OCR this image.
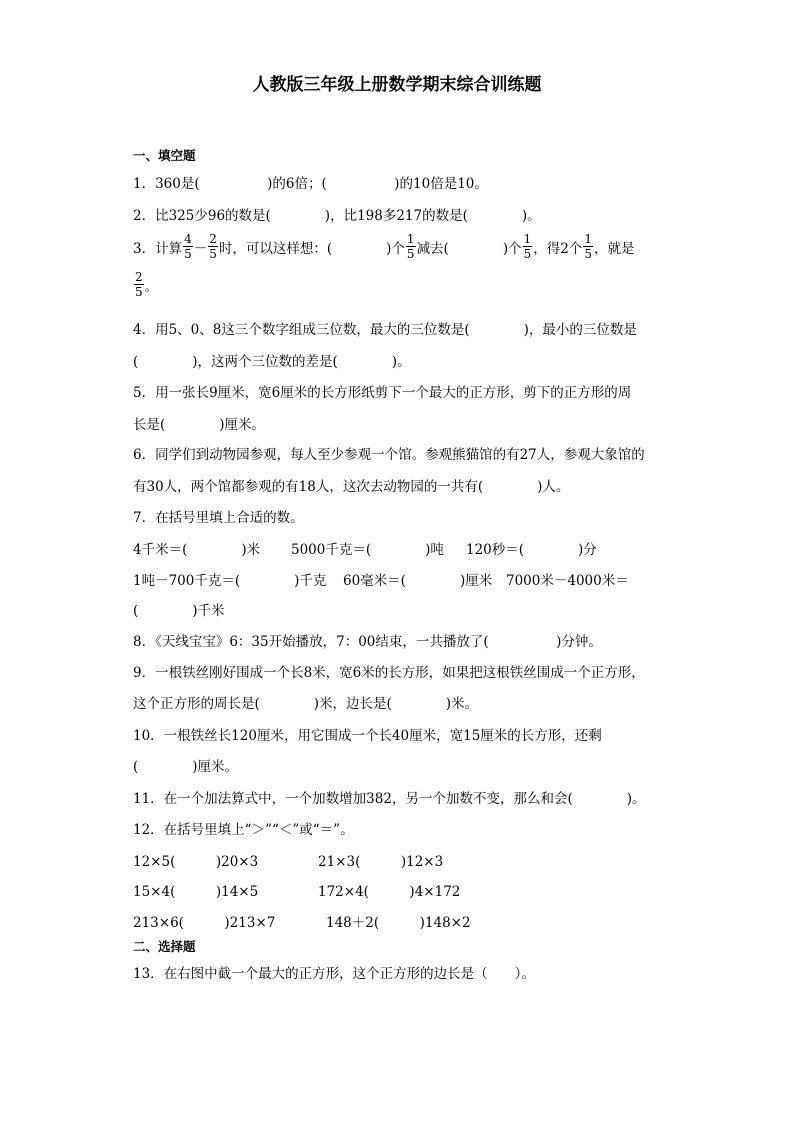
人教版三年级上册数学期末综合训练题
一、填空题
1．360是(　　　　　)的6倍；(　　　　　)的10倍是10。
2．比325少96的数是(　　　　)，比198多217的数是(　　　　)。
3．计算 $\frac{4}{5} - \frac{2}{5}$ 时，可以这样想：(　　　　)个 $\frac{1}{5}$ 减去(　　　　)个 $\frac{1}{5}$ ，得2个 $\frac{1}{5}$ ，就是
$\frac{2}{5}$ 。
4．用5、0、8这三个数字组成三位数，最大的三位数是(　　　　)，最小的三位数是
(　　　　)，这两个三位数的差是(　　　　)。
5．用一张长9厘米，宽6厘米的长方形纸剪下一个最大的正方形，剪下的正方形的周
长是(　　　　)厘米。
6．同学们到动物园参观，每人至少参观一个馆。参观熊猫馆的有27人，参观大象馆的
有30人，两个馆都参观的有18人，这次去动物园的一共有(　　　　)人。
7．在括号里填上合适的数。
4千米＝(　　　　)米 5000千克＝(　　　　)吨 120秒＝(　　　　)分
1吨－700千克＝(　　　　)千克 60毫米＝(　　　　)厘米 7000米－4000米＝
(　　　　)千米
8．《天线宝宝》6：35开始播放，7：00结束，一共播放了(　　　　　)分钟。
9．一根铁丝刚好围成一个长8米，宽6米的长方形，如果把这根铁丝围成一个正方形，
这个正方形的周长是(　　　　)米，边长是(　　　　)米。
10．一根铁丝长120厘米，用它围成一个长40厘米，宽15厘米的长方形，还剩
(　　　　)厘米。
11．在一个加法算式中，一个加数增加382，另一个加数不变，那么和会(　　　　)。
12．在括号里填上“＞”“＜”或“＝”。
12×5(　　　)20×3	21×3(　　　)12×3
15×4(　　　)14×5	172×4(　　　)4×172
213×6(　　　)213×7	148＋2(　　　)148×2
二、选择题
13．在右图中截一个最大的正方形，这个正方形的边长是（　　）。
